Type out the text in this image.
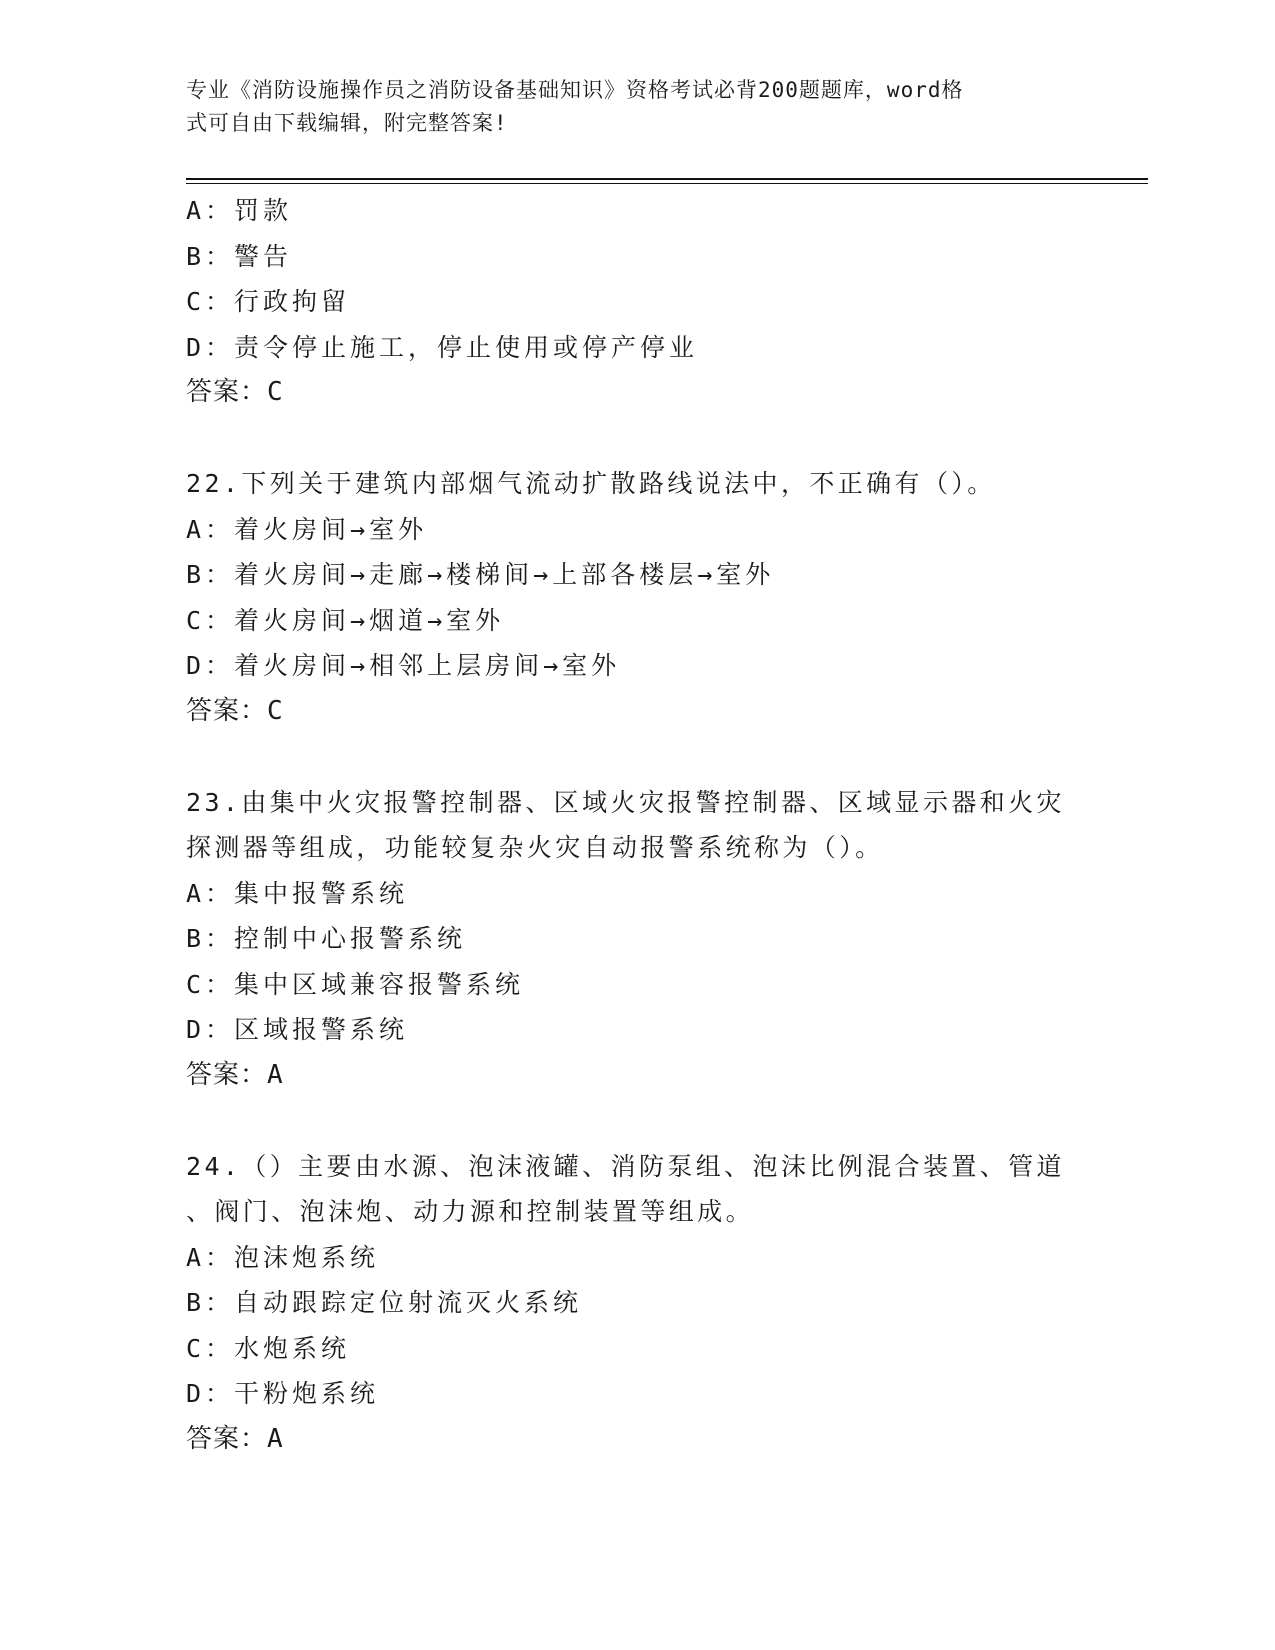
专业《消防设施操作员之消防设备基础知识》资格考试必背200题题库，word格
式可自由下载编辑，附完整答案!
A：罚款
B：警告
C：行政拘留
D：责令停止施工，停止使用或停产停业
答案：C
22.下列关于建筑内部烟气流动扩散路线说法中，不正确有（）。
A：着火房间→室外
B：着火房间→走廊→楼梯间→上部各楼层→室外
C：着火房间→烟道→室外
D：着火房间→相邻上层房间→室外
答案：C
23.由集中火灾报警控制器、区域火灾报警控制器、区域显示器和火灾
探测器等组成，功能较复杂火灾自动报警系统称为（）。
A：集中报警系统
B：控制中心报警系统
C：集中区域兼容报警系统
D：区域报警系统
答案：A
24.（）主要由水源、泡沫液罐、消防泵组、泡沫比例混合装置、管道
、阀门、泡沫炮、动力源和控制装置等组成。
A：泡沫炮系统
B：自动跟踪定位射流灭火系统
C：水炮系统
D：干粉炮系统
答案：A
